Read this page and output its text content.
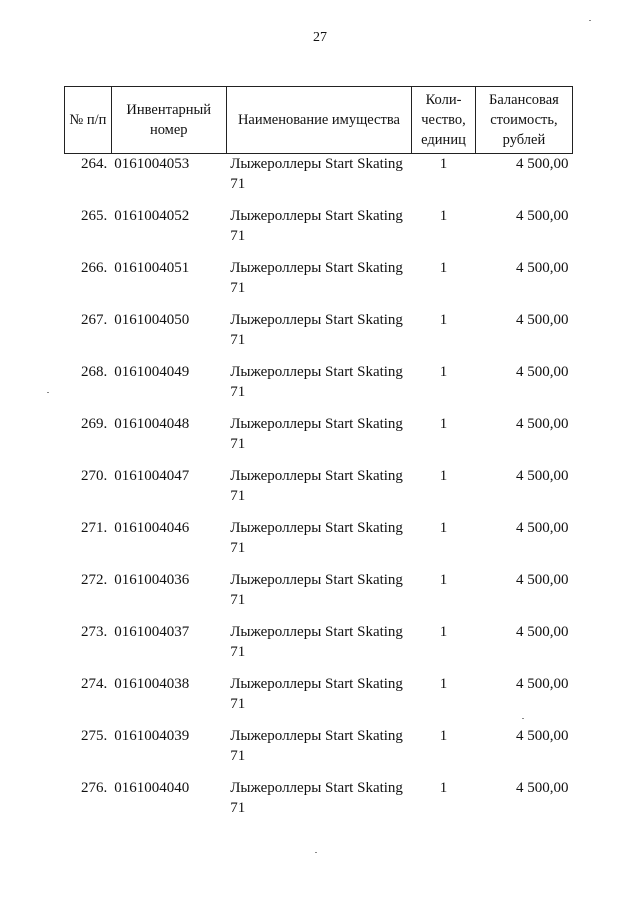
27
№ п/п	Инвентарный номер	Наименование имущества	Коли-чество, единиц	Балансовая стоимость, рублей
264.	0161004053	Лыжероллеры Start Skating 71	1	4 500,00
265.	0161004052	Лыжероллеры Start Skating 71	1	4 500,00
266.	0161004051	Лыжероллеры Start Skating 71	1	4 500,00
267.	0161004050	Лыжероллеры Start Skating 71	1	4 500,00
268.	0161004049	Лыжероллеры Start Skating 71	1	4 500,00
269.	0161004048	Лыжероллеры Start Skating 71	1	4 500,00
270.	0161004047	Лыжероллеры Start Skating 71	1	4 500,00
271.	0161004046	Лыжероллеры Start Skating 71	1	4 500,00
272.	0161004036	Лыжероллеры Start Skating 71	1	4 500,00
273.	0161004037	Лыжероллеры Start Skating 71	1	4 500,00
274.	0161004038	Лыжероллеры Start Skating 71	1	4 500,00
275.	0161004039	Лыжероллеры Start Skating 71	1	4 500,00
276.	0161004040	Лыжероллеры Start Skating 71	1	4 500,00
